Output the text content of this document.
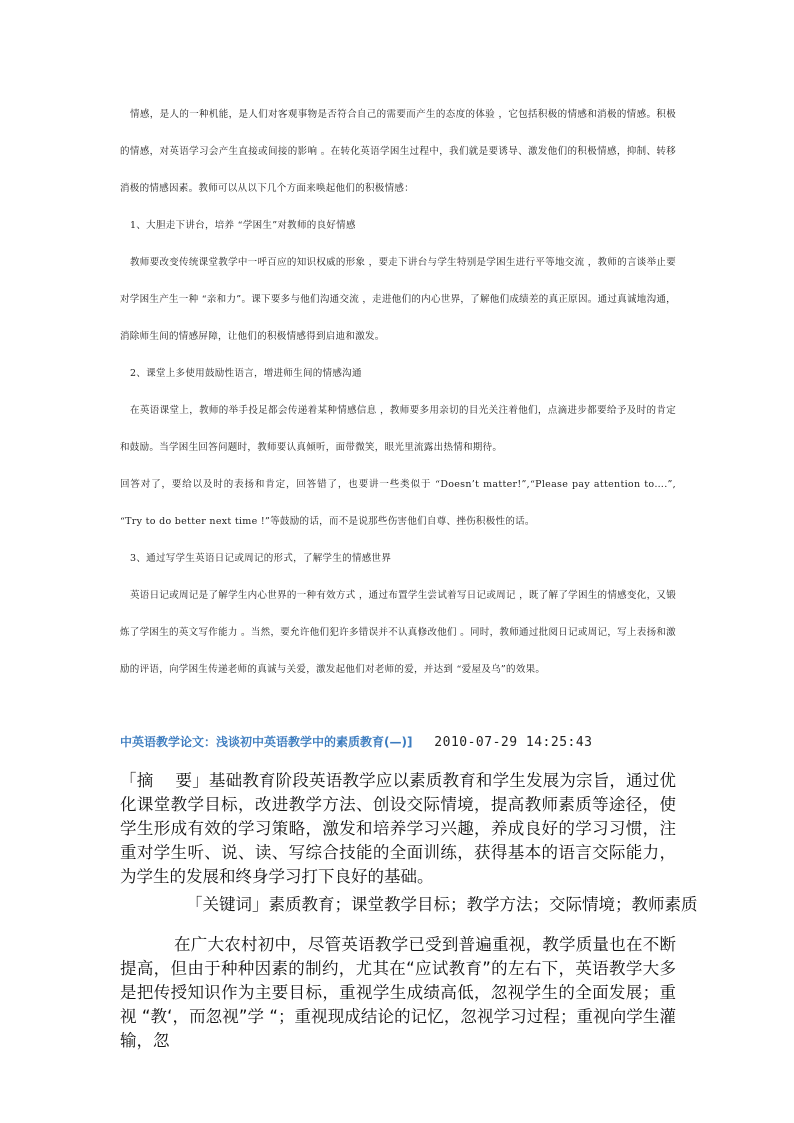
情感，是人的一种机能，是人们对客观事物是否符合自己的需要而产生的态度的体验 ，它包括积极的情感和消极的情感。积极的情感，对英语学习会产生直接或间接的影响 。在转化英语学困生过程中，我们就是要诱导、激发他们的积极情感，抑制、转移消极的情感因素。教师可以从以下几个方面来唤起他们的积极情感：

1、大胆走下讲台，培养 “学困生”对教师的良好情感

教师要改变传统课堂教学中一呼百应的知识权威的形象 ，要走下讲台与学生特别是学困生进行平等地交流 ，教师的言谈举止要对学困生产生一种 “亲和力”。课下要多与他们沟通交流 ，走进他们的内心世界，了解他们成绩差的真正原因。通过真诚地沟通，消除师生间的情感屏障，让他们的积极情感得到启迪和激发。

2、课堂上多使用鼓励性语言，增进师生间的情感沟通

在英语课堂上，教师的举手投足都会传递着某种情感信息 ，教师要多用亲切的目光关注着他们，点滴进步都要给予及时的肯定和鼓励。当学困生回答问题时，教师要认真倾听，面带微笑，眼光里流露出热情和期待。

回答对了，要给以及时的表扬和肯定，回答错了，也要讲一些类似于 “Doesn’t matter!”,“Please pay attention to….”, “Try to do better next time !”等鼓励的话，而不是说那些伤害他们自尊、挫伤积极性的话。

3、通过写学生英语日记或周记的形式，了解学生的情感世界

英语日记或周记是了解学生内心世界的一种有效方式 ，通过布置学生尝试着写日记或周记 ，既了解了学困生的情感变化，又锻炼了学困生的英文写作能力 。当然，要允许他们犯许多错误并不认真修改他们 。同时，教师通过批阅日记或周记，写上表扬和激励的评语，向学困生传递老师的真诚与关爱，激发起他们对老师的爱，并达到 “爱屋及乌”的效果。

中英语教学论文：浅谈初中英语教学中的素质教育(—)] 2010-07-29 14:25:43

「摘　 要」基础教育阶段英语教学应以素质教育和学生发展为宗旨，通过优化课堂教学目标，改进教学方法、创设交际情境，提高教师素质等途径，使学生形成有效的学习策略，激发和培养学习兴趣，养成良好的学习习惯，注重对学生听、说、读、写综合技能的全面训练，获得基本的语言交际能力，为学生的发展和终身学习打下良好的基础。

「关键词」素质教育；课堂教学目标；教学方法；交际情境；教师素质

在广大农村初中，尽管英语教学已受到普遍重视，教学质量也在不断提高，但由于种种因素的制约，尤其在“应试教育”的左右下，英语教学大多是把传授知识作为主要目标，重视学生成绩高低，忽视学生的全面发展；重视 “教‘，而忽视”学 “；重视现成结论的记忆，忽视学习过程；重视向学生灌输，忽
